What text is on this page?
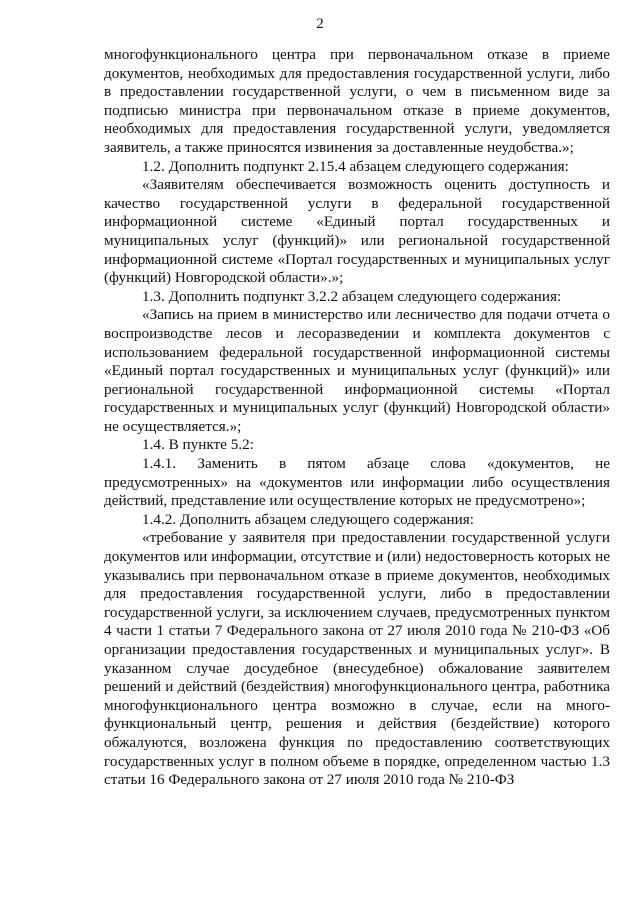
2

многофункционального центра при первоначальном отказе в приеме документов, необходимых для предоставления государственной услуги, либо в предоставлении государственной услуги, о чем в письменном виде за подписью министра при первоначальном отказе в приеме документов, необходимых для предоставления государственной услуги, уведомляется заявитель, а также приносятся извинения за доставленные неудобства.»;

1.2. Дополнить подпункт 2.15.4 абзацем следующего содержания:

«Заявителям обеспечивается возможность оценить доступность и качество государственной услуги в федеральной государственной информационной системе «Единый портал государственных и муниципальных услуг (функций)» или региональной государственной информационной системе «Портал государственных и муниципальных услуг (функций) Новгородской области».»;

1.3. Дополнить подпункт 3.2.2 абзацем следующего содержания:

«Запись на прием в министерство или лесничество для подачи отчета о воспроизводстве лесов и лесоразведении и комплекта документов с использованием федеральной государственной информационной системы «Единый портал государственных и муниципальных услуг (функций)» или региональной государственной информационной системы «Портал государственных и муниципальных услуг (функций) Новгородской области» не осуществляется.»;

1.4. В пункте 5.2:

1.4.1. Заменить в пятом абзаце слова «документов, не предусмотренных» на «документов или информации либо осуществления действий, представление или осуществление которых не предусмотрено»;

1.4.2. Дополнить абзацем следующего содержания:

«требование у заявителя при предоставлении государственной услуги документов или информации, отсутствие и (или) недостоверность которых не указывались при первоначальном отказе в приеме документов, необходимых для предоставления государственной услуги, либо в предоставлении государственной услуги, за исключением случаев, предусмотренных пунктом 4 части 1 статьи 7 Федерального закона от 27 июля 2010 года № 210-ФЗ «Об организации предоставления государственных и муниципальных услуг». В указанном случае досудебное (внесудебное) обжалование заявителем решений и действий (бездействия) многофункционального центра, работника многофункционального центра возможно в случае, если на многофункциональный центр, решения и действия (бездействие) которого обжалуются, возложена функция по предоставлению соответствующих государственных услуг в полном объеме в порядке, определенном частью 1.3 статьи 16 Федерального закона от 27 июля 2010 года № 210-ФЗ
